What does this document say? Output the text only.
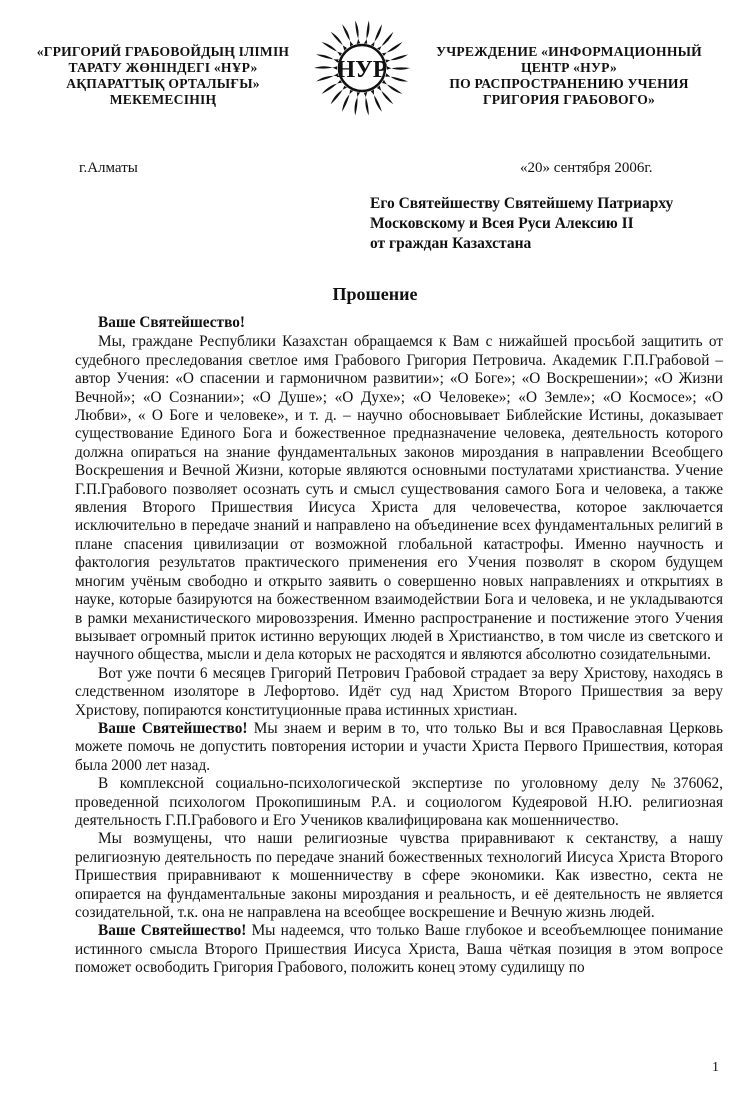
«ГРИГОРИЙ ГРАБОВОЙДЫҢ ІЛІМІН
ТАРАТУ ЖӨНІНДЕГІ «НҰР»
АҚПАРАТТЫҚ ОРТАЛЫҒЫ»
МЕКЕМЕСІНІҢ
НУР
УЧРЕЖДЕНИЕ «ИНФОРМАЦИОННЫЙ
ЦЕНТР «НУР»
ПО РАСПРОСТРАНЕНИЮ УЧЕНИЯ
ГРИГОРИЯ ГРАБОВОГО»
г.Алматы	«20» сентября 2006г.
Его Святейшеству Святейшему Патриарху
Московскому и Всея Руси Алексию II
от граждан Казахстана
Прошение

Ваше Святейшество!

Мы, граждане Республики Казахстан обращаемся к Вам с нижайшей просьбой защитить от судебного преследования светлое имя Грабового Григория Петровича. Академик Г.П.Грабовой – автор Учения: «О спасении и гармоничном развитии»; «О Боге»; «О Воскрешении»; «О Жизни Вечной»; «О Сознании»; «О Душе»; «О Духе»; «О Человеке»; «О Земле»; «О Космосе»; «О Любви», « О Боге и человеке», и т. д. – научно обосновывает Библейские Истины, доказывает существование Единого Бога и божественное предназначение человека, деятельность которого должна опираться на знание фундаментальных законов мироздания в направлении Всеобщего Воскрешения и Вечной Жизни, которые являются основными постулатами христианства. Учение Г.П.Грабового позволяет осознать суть и смысл существования самого Бога и человека, а также явления Второго Пришествия Иисуса Христа для человечества, которое заключается исключительно в передаче знаний и направлено на объединение всех фундаментальных религий в плане спасения цивилизации от возможной глобальной катастрофы. Именно научность и фактология результатов практического применения его Учения позволят в скором будущем многим учёным свободно и открыто заявить о совершенно новых направлениях и открытиях в науке, которые базируются на божественном взаимодействии Бога и человека, и не укладываются в рамки механистического мировоззрения. Именно распространение и постижение этого Учения вызывает огромный приток истинно верующих людей в Христианство, в том числе из светского и научного общества, мысли и дела которых не расходятся и являются абсолютно созидательными.

Вот уже почти 6 месяцев Григорий Петрович Грабовой страдает за веру Христову, находясь в следственном изоляторе в Лефортово. Идёт суд над Христом Второго Пришествия за веру Христову, попираются конституционные права истинных христиан.

Ваше Святейшество! Мы знаем и верим в то, что только Вы и вся Православная Церковь можете помочь не допустить повторения истории и участи Христа Первого Пришествия, которая была 2000 лет назад.

В комплексной социально-психологической экспертизе по уголовному делу №376062, проведенной психологом Прокопишиным Р.А. и социологом Кудеяровой Н.Ю. религиозная деятельность Г.П.Грабового и Его Учеников квалифицирована как мошенничество.

Мы возмущены, что наши религиозные чувства приравнивают к сектанству, а нашу религиозную деятельность по передаче знаний божественных технологий Иисуса Христа Второго Пришествия приравнивают к мошенничеству в сфере экономики. Как известно, секта не опирается на фундаментальные законы мироздания и реальность, и её деятельность не является созидательной, т.к. она не направлена на всеобщее воскрешение и Вечную жизнь людей.

Ваше Святейшество! Мы надеемся, что только Ваше глубокое и всеобъемлющее понимание истинного смысла Второго Пришествия Иисуса Христа, Ваша чёткая позиция в этом вопросе поможет освободить Григория Грабового, положить конец этому судилищу по

1
